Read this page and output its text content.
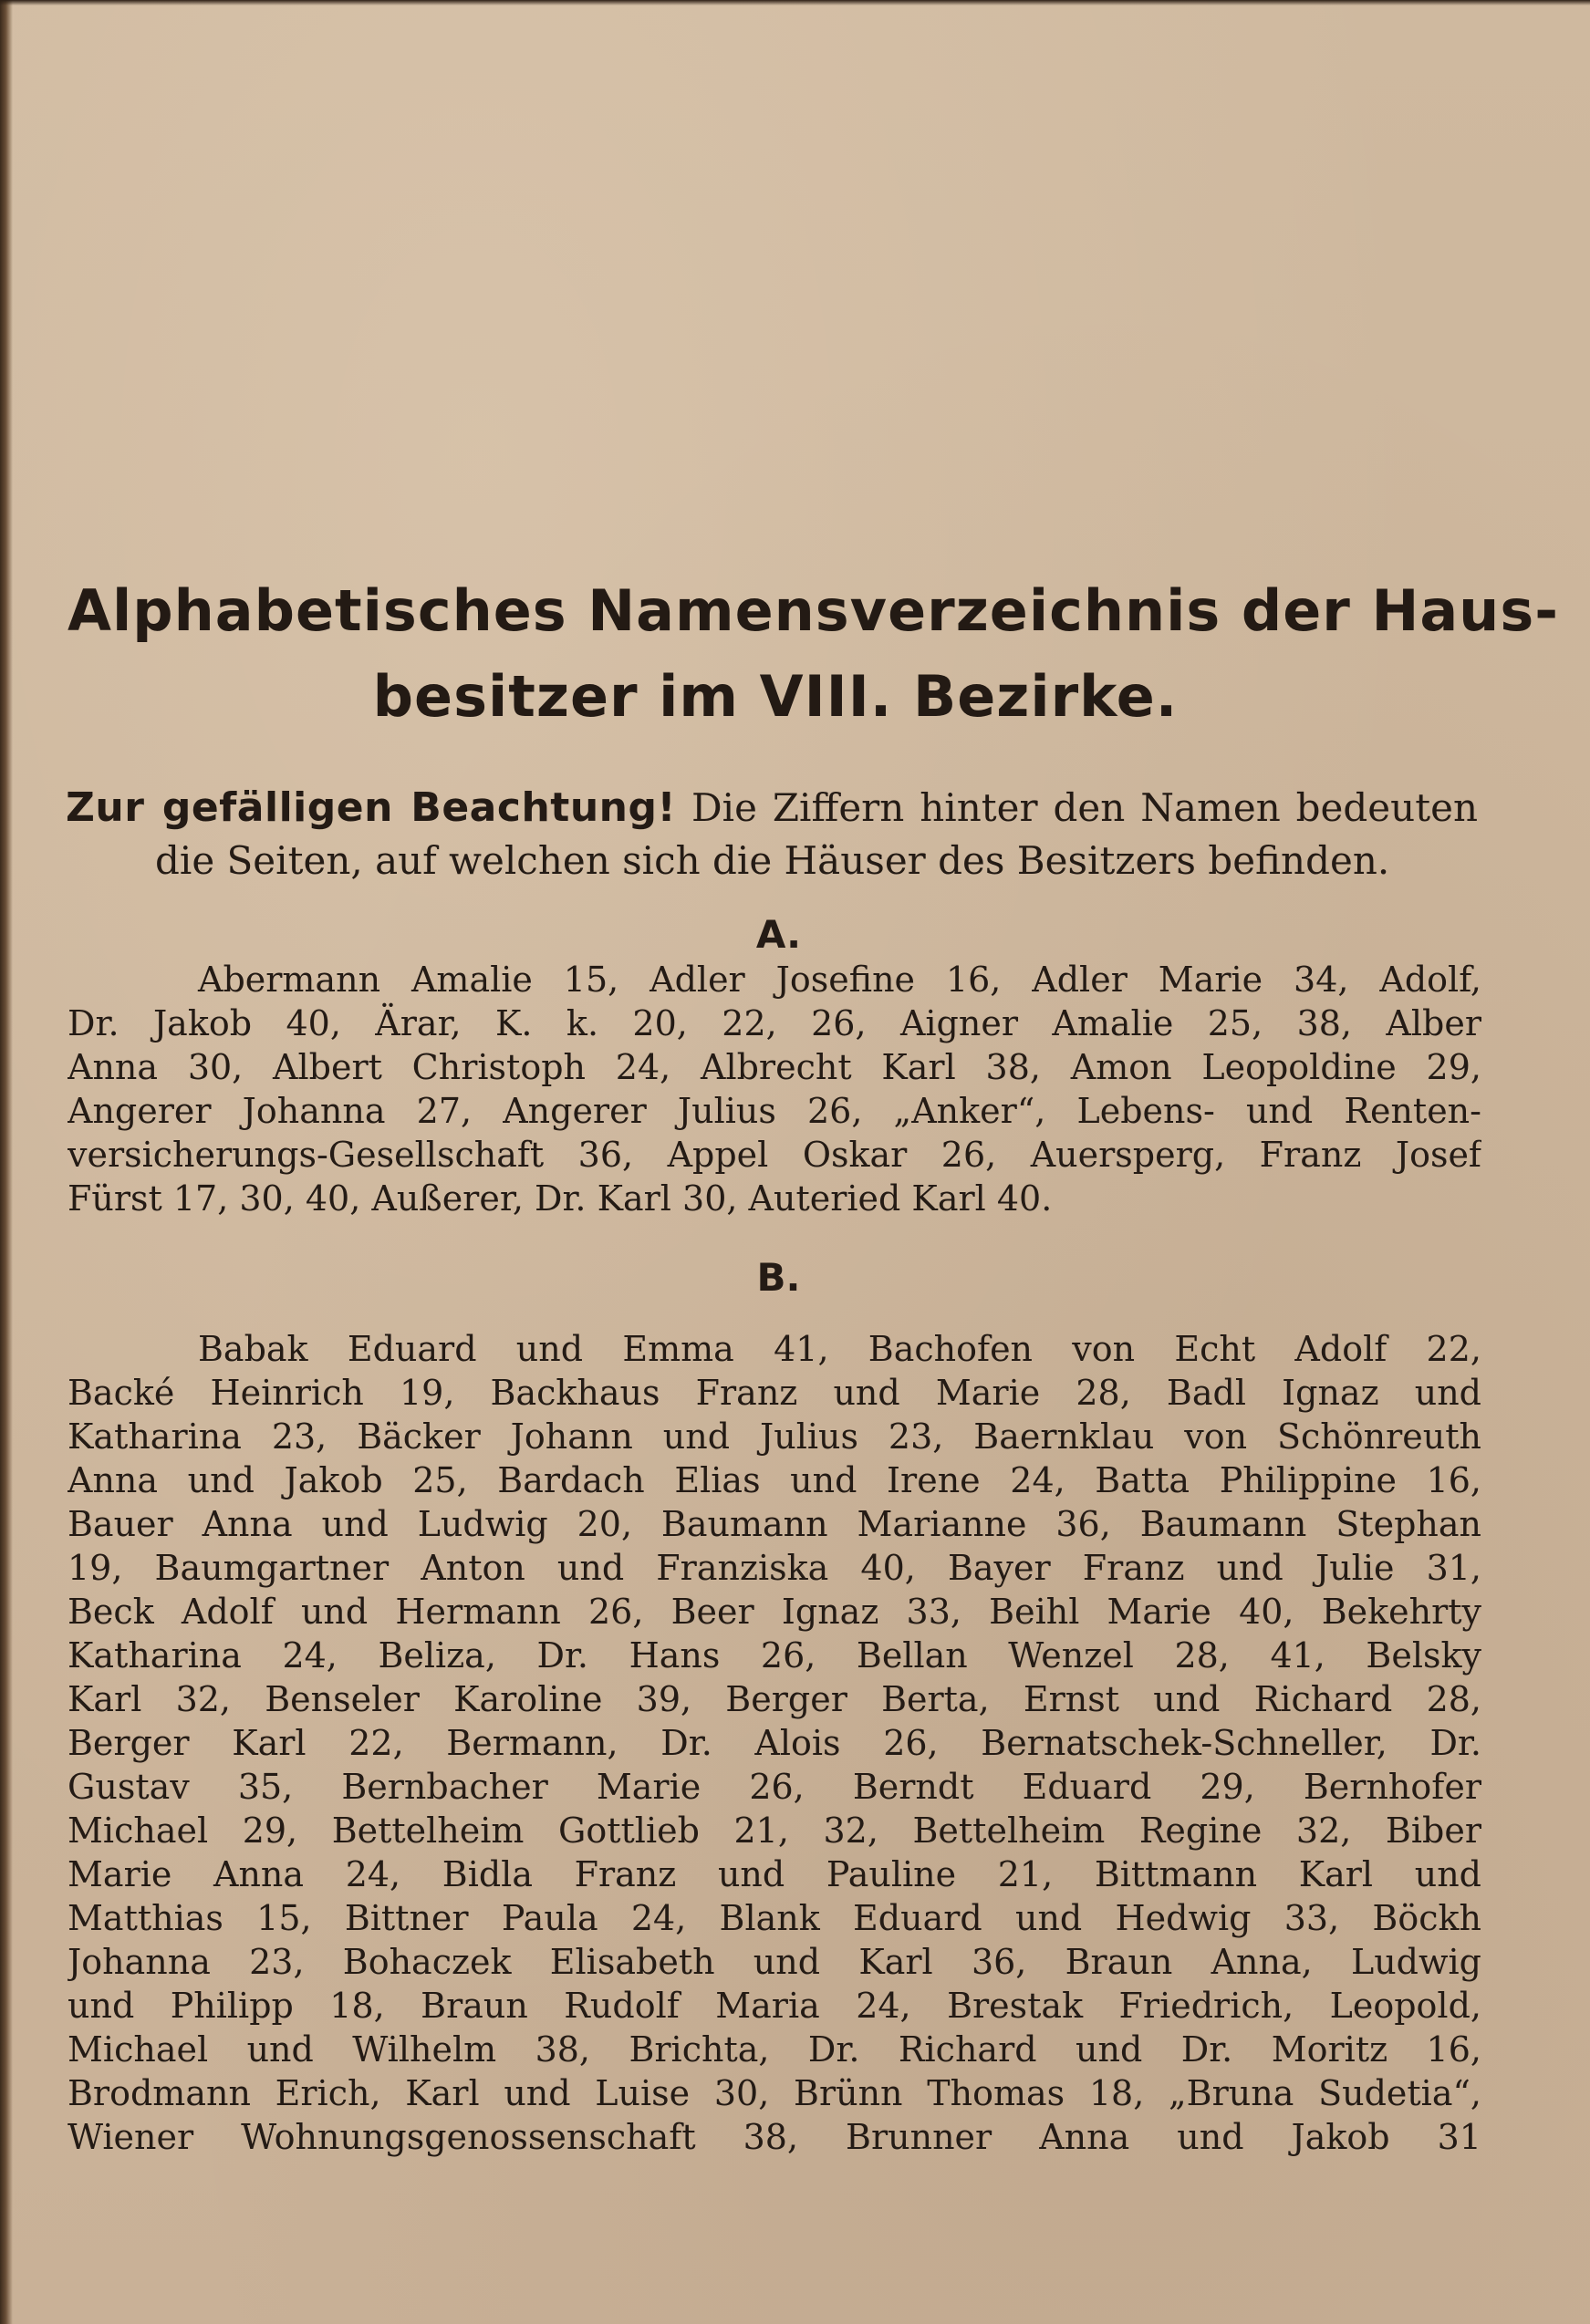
Alphabetisches Namensverzeichnis der Haus-
besitzer im VIII. Bezirke.

Zur gefälligen Beachtung! Die Ziffern hinter den Namen bedeuten

die Seiten, auf welchen sich die Häuser des Besitzers befinden.

A.
Abermann Amalie 15, Adler Josefine 16, Adler Marie 34, Adolf,
Dr. Jakob 40, Ärar, K. k. 20, 22, 26, Aigner Amalie 25, 38, Alber
Anna 30, Albert Christoph 24, Albrecht Karl 38, Amon Leopoldine 29,
Angerer Johanna 27, Angerer Julius 26, „Anker“, Lebens- und Renten-
versicherungs-Gesellschaft 36, Appel Oskar 26, Auersperg, Franz Josef
Fürst 17, 30, 40, Außerer, Dr. Karl 30, Auteried Karl 40.
B.
Babak Eduard und Emma 41, Bachofen von Echt Adolf 22,
Backé Heinrich 19, Backhaus Franz und Marie 28, Badl Ignaz und
Katharina 23, Bäcker Johann und Julius 23, Baernklau von Schönreuth
Anna und Jakob 25, Bardach Elias und Irene 24, Batta Philippine 16,
Bauer Anna und Ludwig 20, Baumann Marianne 36, Baumann Stephan
19, Baumgartner Anton und Franziska 40, Bayer Franz und Julie 31,
Beck Adolf und Hermann 26, Beer Ignaz 33, Beihl Marie 40, Bekehrty
Katharina 24, Beliza, Dr. Hans 26, Bellan Wenzel 28, 41, Belsky
Karl 32, Benseler Karoline 39, Berger Berta, Ernst und Richard 28,
Berger Karl 22, Bermann, Dr. Alois 26, Bernatschek-Schneller, Dr.
Gustav 35, Bernbacher Marie 26, Berndt Eduard 29, Bernhofer
Michael 29, Bettelheim Gottlieb 21, 32, Bettelheim Regine 32, Biber
Marie Anna 24, Bidla Franz und Pauline 21, Bittmann Karl und
Matthias 15, Bittner Paula 24, Blank Eduard und Hedwig 33, Böckh
Johanna 23, Bohaczek Elisabeth und Karl 36, Braun Anna, Ludwig
und Philipp 18, Braun Rudolf Maria 24, Brestak Friedrich, Leopold,
Michael und Wilhelm 38, Brichta, Dr. Richard und Dr. Moritz 16,
Brodmann Erich, Karl und Luise 30, Brünn Thomas 18, „Bruna Sudetia“,
Wiener Wohnungsgenossenschaft 38, Brunner Anna und Jakob 31
